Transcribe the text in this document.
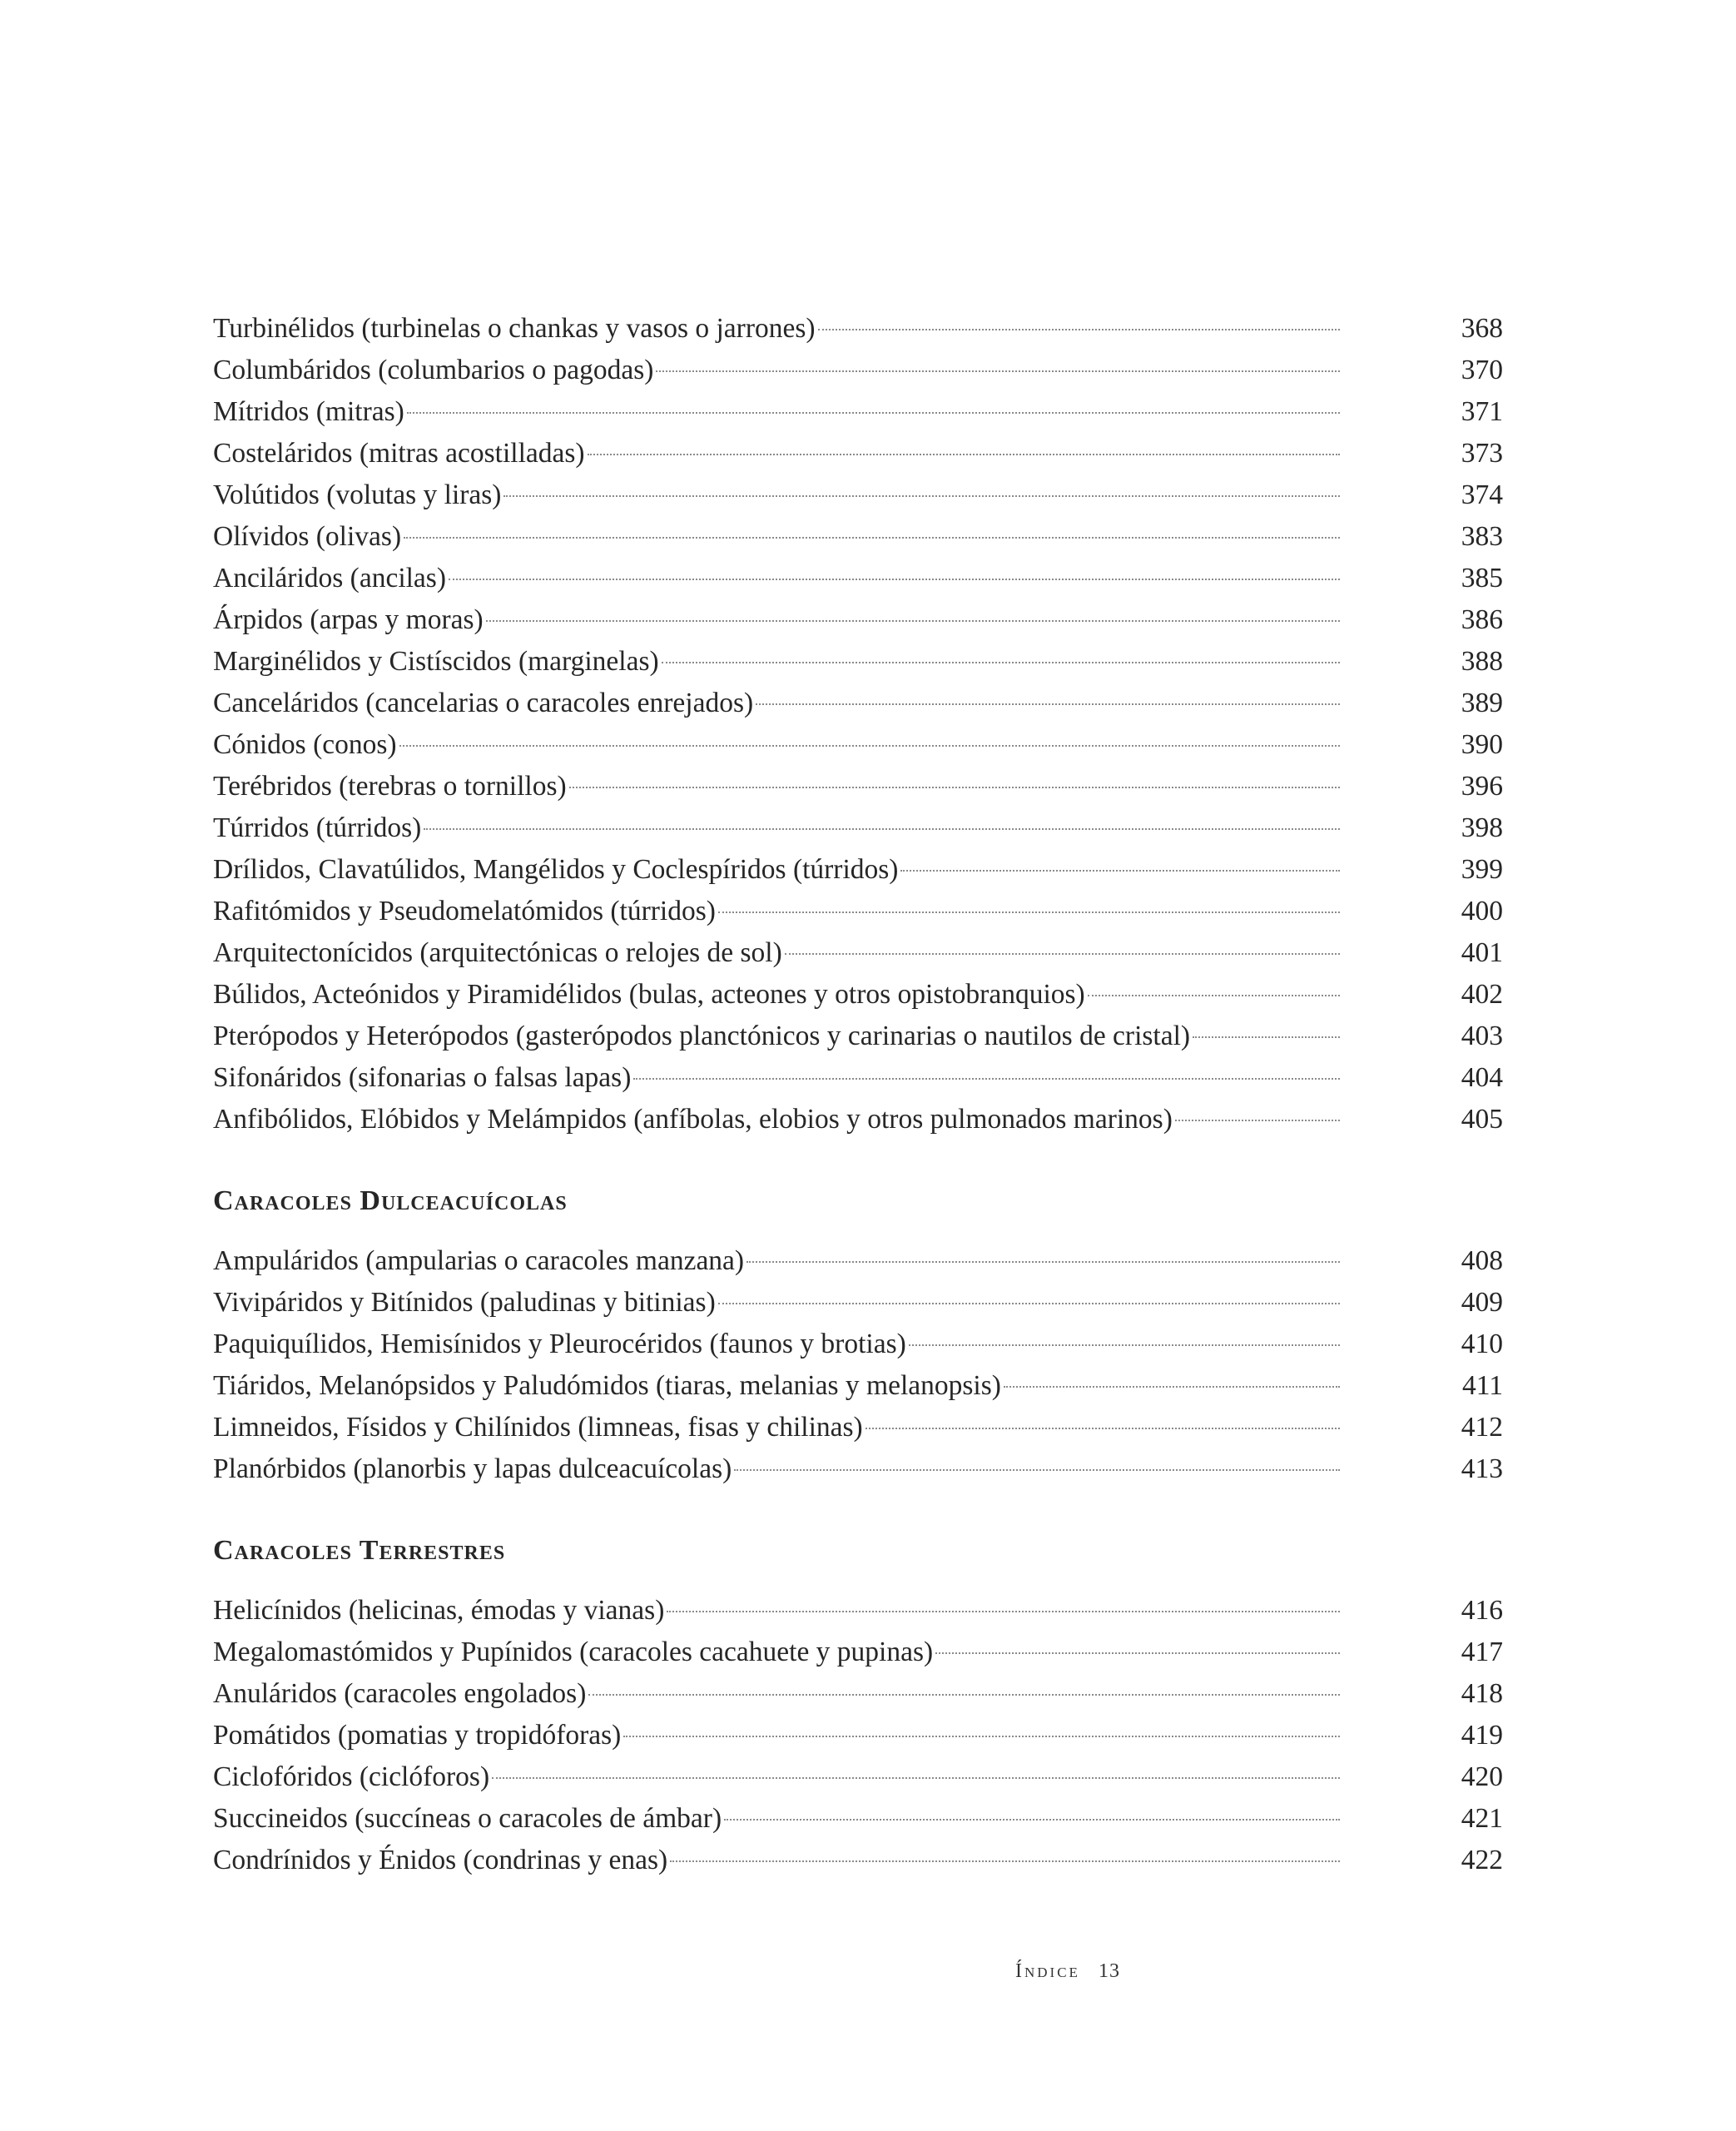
Turbinélidos (turbinelas o chankas y vasos o jarrones)	368
Columbáridos (columbarios o pagodas)	370
Mítridos (mitras)	371
Costeláridos (mitras acostilladas)	373
Volútidos (volutas y liras)	374
Olívidos (olivas)	383
Anciláridos (ancilas)	385
Árpidos (arpas y moras)	386
Marginélidos y Cistíscidos (marginelas)	388
Canceláridos (cancelarias o caracoles enrejados)	389
Cónidos (conos)	390
Terébridos (terebras o tornillos)	396
Túrridos (túrridos)	398
Drílidos, Clavatúlidos, Mangélidos y Coclespíridos (túrridos)	399
Rafitómidos y Pseudomelatómidos (túrridos)	400
Arquitectonícidos (arquitectónicas o relojes de sol)	401
Búlidos, Acteónidos y Piramidélidos (bulas, acteones y otros opistobranquios)	402
Pterópodos y Heterópodos (gasterópodos planctónicos y carinarias o nautilos de cristal)	403
Sifonáridos (sifonarias o falsas lapas)	404
Anfibólidos, Elóbidos y Melámpidos (anfíbolas, elobios y otros pulmonados marinos)	405
Caracoles Dulceacuícolas
Ampuláridos (ampularias o caracoles manzana)	408
Vivipáridos y Bitínidos (paludinas y bitinias)	409
Paquiquílidos, Hemisínidos y Pleurocéridos (faunos y brotias)	410
Tiáridos, Melanópsidos y Paludómidos (tiaras, melanias y melanopsis)	411
Limneidos, Físidos y Chilínidos (limneas, fisas y chilinas)	412
Planórbidos (planorbis y lapas dulceacuícolas)	413
Caracoles Terrestres
Helicínidos (helicinas, émodas y vianas)	416
Megalomastómidos y Pupínidos (caracoles cacahuete y pupinas)	417
Anuláridos (caracoles engolados)	418
Pomátidos (pomatias y tropidóforas)	419
Ciclofóridos (ciclóforos)	420
Succineidos (succíneas o caracoles de ámbar)	421
Condrínidos y Énidos (condrinas y enas)	422
Índice 13
